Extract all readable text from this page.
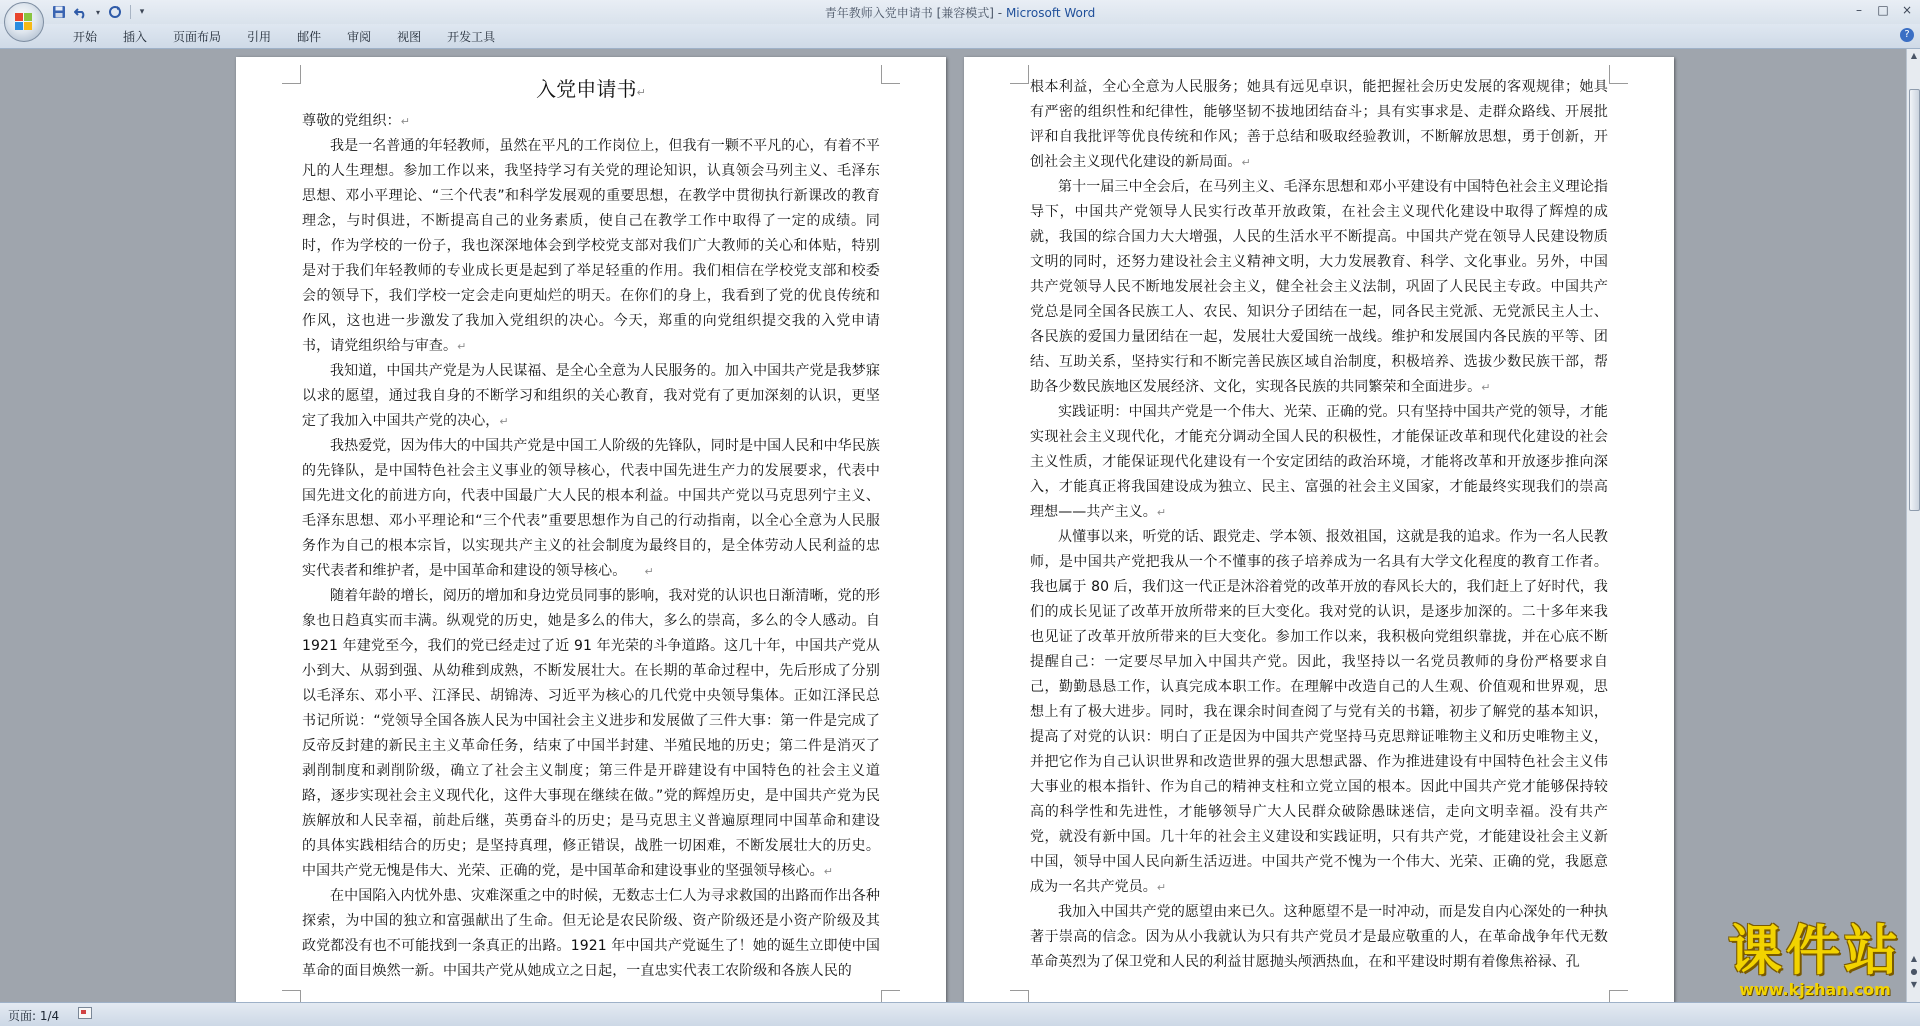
青年教师入党申请书 [兼容模式] - Microsoft Word
▾	▾	–	□	×
开始	插入	页面布局	引用	邮件	审阅	视图	开发工具	?
入党申请书↵

尊敬的党组织：↵

我是一名普通的年轻教师，虽然在平凡的工作岗位上，但我有一颗不平凡的心，有着不平凡的人生理想。参加工作以来，我坚持学习有关党的理论知识，认真领会马列主义、毛泽东思想、邓小平理论、“三个代表”和科学发展观的重要思想，在教学中贯彻执行新课改的教育理念，与时俱进，不断提高自己的业务素质，使自己在教学工作中取得了一定的成绩。同时，作为学校的一份子，我也深深地体会到学校党支部对我们广大教师的关心和体贴，特别是对于我们年轻教师的专业成长更是起到了举足轻重的作用。我们相信在学校党支部和校委会的领导下，我们学校一定会走向更灿烂的明天。在你们的身上，我看到了党的优良传统和作风，这也进一步激发了我加入党组织的决心。今天，郑重的向党组织提交我的入党申请书，请党组织给与审查。↵

我知道，中国共产党是为人民谋福、是全心全意为人民服务的。加入中国共产党是我梦寐以求的愿望，通过我自身的不断学习和组织的关心教育，我对党有了更加深刻的认识，更坚定了我加入中国共产党的决心，↵

我热爱党，因为伟大的中国共产党是中国工人阶级的先锋队，同时是中国人民和中华民族的先锋队，是中国特色社会主义事业的领导核心，代表中国先进生产力的发展要求，代表中国先进文化的前进方向，代表中国最广大人民的根本利益。中国共产党以马克思列宁主义、毛泽东思想、邓小平理论和“三个代表”重要思想作为自己的行动指南，以全心全意为人民服务作为自己的根本宗旨，以实现共产主义的社会制度为最终目的，是全体劳动人民利益的忠实代表者和维护者，是中国革命和建设的领导核心。 ↵

随着年龄的增长，阅历的增加和身边党员同事的影响，我对党的认识也日渐清晰，党的形象也日趋真实而丰满。纵观党的历史，她是多么的伟大，多么的崇高，多么的令人感动。自 1921 年建党至今，我们的党已经走过了近 91 年光荣的斗争道路。这几十年，中国共产党从小到大、从弱到强、从幼稚到成熟，不断发展壮大。在长期的革命过程中，先后形成了分别以毛泽东、邓小平、江泽民、胡锦涛、习近平为核心的几代党中央领导集体。正如江泽民总书记所说：“党领导全国各族人民为中国社会主义进步和发展做了三件大事：第一件是完成了反帝反封建的新民主主义革命任务，结束了中国半封建、半殖民地的历史；第二件是消灭了剥削制度和剥削阶级，确立了社会主义制度；第三件是开辟建设有中国特色的社会主义道路，逐步实现社会主义现代化，这件大事现在继续在做。”党的辉煌历史，是中国共产党为民族解放和人民幸福，前赴后继，英勇奋斗的历史；是马克思主义普遍原理同中国革命和建设的具体实践相结合的历史；是坚持真理，修正错误，战胜一切困难，不断发展壮大的历史。中国共产党无愧是伟大、光荣、正确的党，是中国革命和建设事业的坚强领导核心。↵

在中国陷入内忧外患、灾难深重之中的时候，无数志士仁人为寻求救国的出路而作出各种探索，为中国的独立和富强献出了生命。但无论是农民阶级、资产阶级还是小资产阶级及其政党都没有也不可能找到一条真正的出路。1921 年中国共产党诞生了！她的诞生立即使中国革命的面目焕然一新。中国共产党从她成立之日起，一直忠实代表工农阶级和各族人民的

根本利益，全心全意为人民服务；她具有远见卓识，能把握社会历史发展的客观规律；她具有严密的组织性和纪律性，能够坚韧不拔地团结奋斗；具有实事求是、走群众路线、开展批评和自我批评等优良传统和作风；善于总结和吸取经验教训，不断解放思想，勇于创新，开创社会主义现代化建设的新局面。↵

第十一届三中全会后，在马列主义、毛泽东思想和邓小平建设有中国特色社会主义理论指导下，中国共产党领导人民实行改革开放政策，在社会主义现代化建设中取得了辉煌的成就，我国的综合国力大大增强，人民的生活水平不断提高。中国共产党在领导人民建设物质文明的同时，还努力建设社会主义精神文明，大力发展教育、科学、文化事业。另外，中国共产党领导人民不断地发展社会主义，健全社会主义法制，巩固了人民民主专政。中国共产党总是同全国各民族工人、农民、知识分子团结在一起，同各民主党派、无党派民主人士、各民族的爱国力量团结在一起，发展壮大爱国统一战线。维护和发展国内各民族的平等、团结、互助关系，坚持实行和不断完善民族区域自治制度，积极培养、选拔少数民族干部，帮助各少数民族地区发展经济、文化，实现各民族的共同繁荣和全面进步。↵

实践证明：中国共产党是一个伟大、光荣、正确的党。只有坚持中国共产党的领导，才能实现社会主义现代化，才能充分调动全国人民的积极性，才能保证改革和现代化建设的社会主义性质，才能保证现代化建设有一个安定团结的政治环境，才能将改革和开放逐步推向深入，才能真正将我国建设成为独立、民主、富强的社会主义国家，才能最终实现我们的崇高理想——共产主义。↵

从懂事以来，听党的话、跟党走、学本领、报效祖国，这就是我的追求。作为一名人民教师，是中国共产党把我从一个不懂事的孩子培养成为一名具有大学文化程度的教育工作者。我也属于 80 后，我们这一代正是沐浴着党的改革开放的春风长大的，我们赶上了好时代，我们的成长见证了改革开放所带来的巨大变化。我对党的认识，是逐步加深的。二十多年来我也见证了改革开放所带来的巨大变化。参加工作以来，我积极向党组织靠拢，并在心底不断提醒自己：一定要尽早加入中国共产党。因此，我坚持以一名党员教师的身份严格要求自己，勤勤恳恳工作，认真完成本职工作。在理解中改造自己的人生观、价值观和世界观，思想上有了极大进步。同时，我在课余时间查阅了与党有关的书籍，初步了解党的基本知识，提高了对党的认识：明白了正是因为中国共产党坚持马克思辩证唯物主义和历史唯物主义，并把它作为自己认识世界和改造世界的强大思想武器、作为推进建设有中国特色社会主义伟大事业的根本指针、作为自己的精神支柱和立党立国的根本。因此中国共产党才能够保持较高的科学性和先进性，才能够领导广大人民群众破除愚昧迷信，走向文明幸福。没有共产党，就没有新中国。几十年的社会主义建设和实践证明，只有共产党，才能建设社会主义新中国，领导中国人民向新生活迈进。中国共产党不愧为一个伟大、光荣、正确的党，我愿意成为一名共产党员。↵

我加入中国共产党的愿望由来已久。这种愿望不是一时冲动，而是发自内心深处的一种执著于崇高的信念。因为从小我就认为只有共产党员才是最应敬重的人，在革命战争年代无数革命英烈为了保卫党和人民的利益甘愿抛头颅洒热血，在和平建设时期有着像焦裕禄、孔

▲
▲
●
▼
页面: 1/4
课件站
www.kjzhan.com
